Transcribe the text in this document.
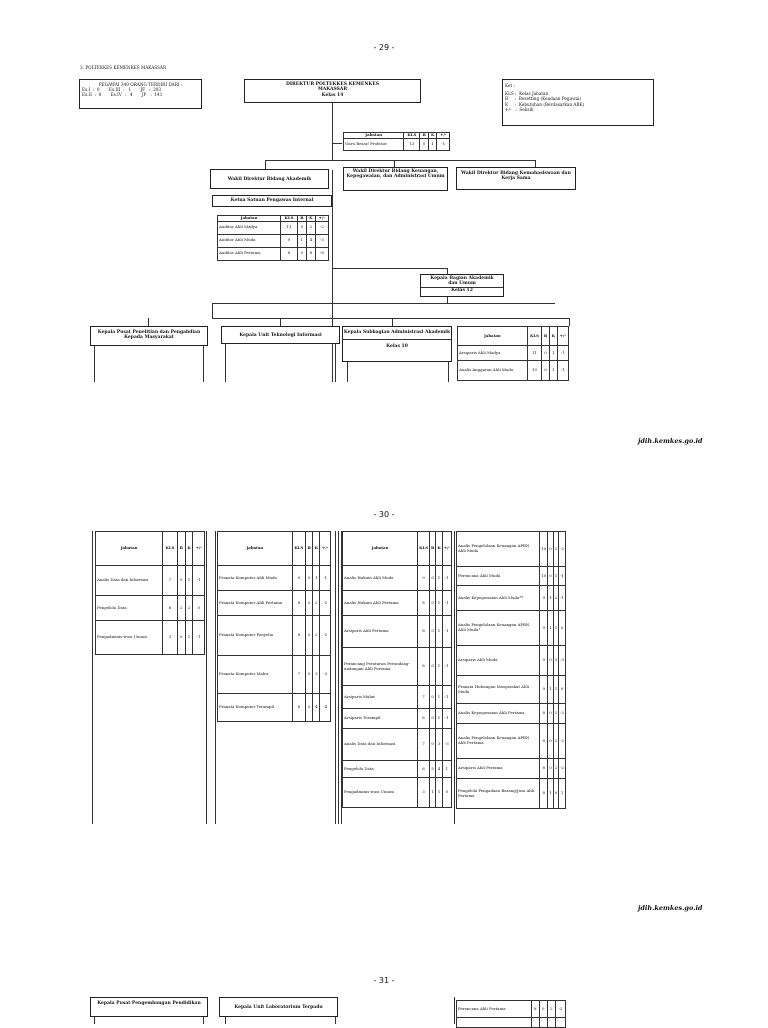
- 29 -
3. POLTEKKES KEMENKES MAKASSAR
PEGAWAI 349 ORANG TERDIRI DARI :
Es.I  :  0       Es.III  :   1       JF   :  203
Es.II  :  0       Es.IV  :   4       JP   :  141
DIREKTUR POLTEKKES KEMENKES
MAKASSAR
Kelas 14
Ket :
KLS :  Kelas Jabatan
B     :  Bezetting (Keadaan Pegawai)
K     :  Kebutuhan (Berdasarkan ABK)
+/-   :  Selisih
Jabatan	KLS	B	K	+/-
Guru Besar/ Profesor	13	0	1	-1
Wakil Direktur Bidang Akademik
Wakil Direktur Bidang Keuangan, Kepegawaian, dan Administrasi Umum
Wakil Direktur Bidang Kemahasiswaan dan Kerja Sama
Ketua Satuan Pengawas Internal
Jabatan	KLS	B	K	+/-
Auditor Ahli Madya	11	0	2	-2
Auditor Ahli Muda	9	1	4	-3
Auditor Ahli Pertama	8	0	8	-8
Kepala Bagian Akademik
dan Umum
Kelas 12
Kepala Pusat Penelitian dan Pengabdian Kepada Masyarakat	Kepala Unit Teknologi Informasi
Kepala Subbagian Administrasi Akademik
Kelas 10
Jabatan	KLS	B	K	+/-
Arsiparis Ahli Madya	11	0	1	-1
Analis Anggaran Ahli Muda	10	0	1	-1
jdih.kemkes.go.id
- 30 -
Jabatan	KLS	B	K	+/-
Analis Data dan Informasi	7	0	1	-1
Pengelola Data	6	2	2	0
Pengadminis-trasi Umum	3	0	1	-1
Jabatan	KLS	B	K	+/-
Pranata Komputer Ahli Muda	9	0	1	-1
Pranata Komputer Ahli Pertama	8	0	2	-2
Pranata Komputer Penyelia	8	0	2	-2
Pranata Komputer Mahir	7	0	3	-3
Pranata Komputer Terampil	6	0	4	-4
Jabatan	KLS	B	K	+/-
Analis Hukum Ahli Muda	9	0	1	-1
Analis Hukum Ahli Pertama	8	0	1	-1
Arsiparis Ahli Pertama	8	0	1	-1
Perancang Peraturan Perundang-undangan Ahli Pertama	8	0	1	-1
Arsiparis Mahir	7	0	1	-1
Arsiparis Terampil	6	0	1	-1
Analis Data dan Informasi	7	0	3	-3
Pengelola Data	6	5	4	1
Pengadminis-trasi Umum	3	1	1	0
Analis Pengelolaan Keuangan APBN Ahli Muda	10	0	2	-2
Perencana Ahli Muda	10	0	1	-1
Analis Kepegawaian Ahli Muda**	9	1	2	-1
Analis Pengelolaan Keuangan APBN Ahli Muda*	9	1	1	0
Arsiparis Ahli Muda	9	0	3	-3
Pranata Hubungan Masyarakat Ahli Muda	9	1	1	0
Analis Kepegawaian Ahli Pertama	8	0	2	-2
Analis Pengelolaan Keuangan APBN Ahli Pertama	8	0	2	-2
Arsiparis Ahli Pertama	8	0	2	-2
Pengelola Pengadaan Barang/Jasa Ahli Pertama	8	1	0	1
jdih.kemkes.go.id
- 31 -
Kepala Pusat Pengembangan Pendidikan
Kepala Unit Laboratorium Terpadu	Perencana Ahli Pertama	8	0	2	-2
